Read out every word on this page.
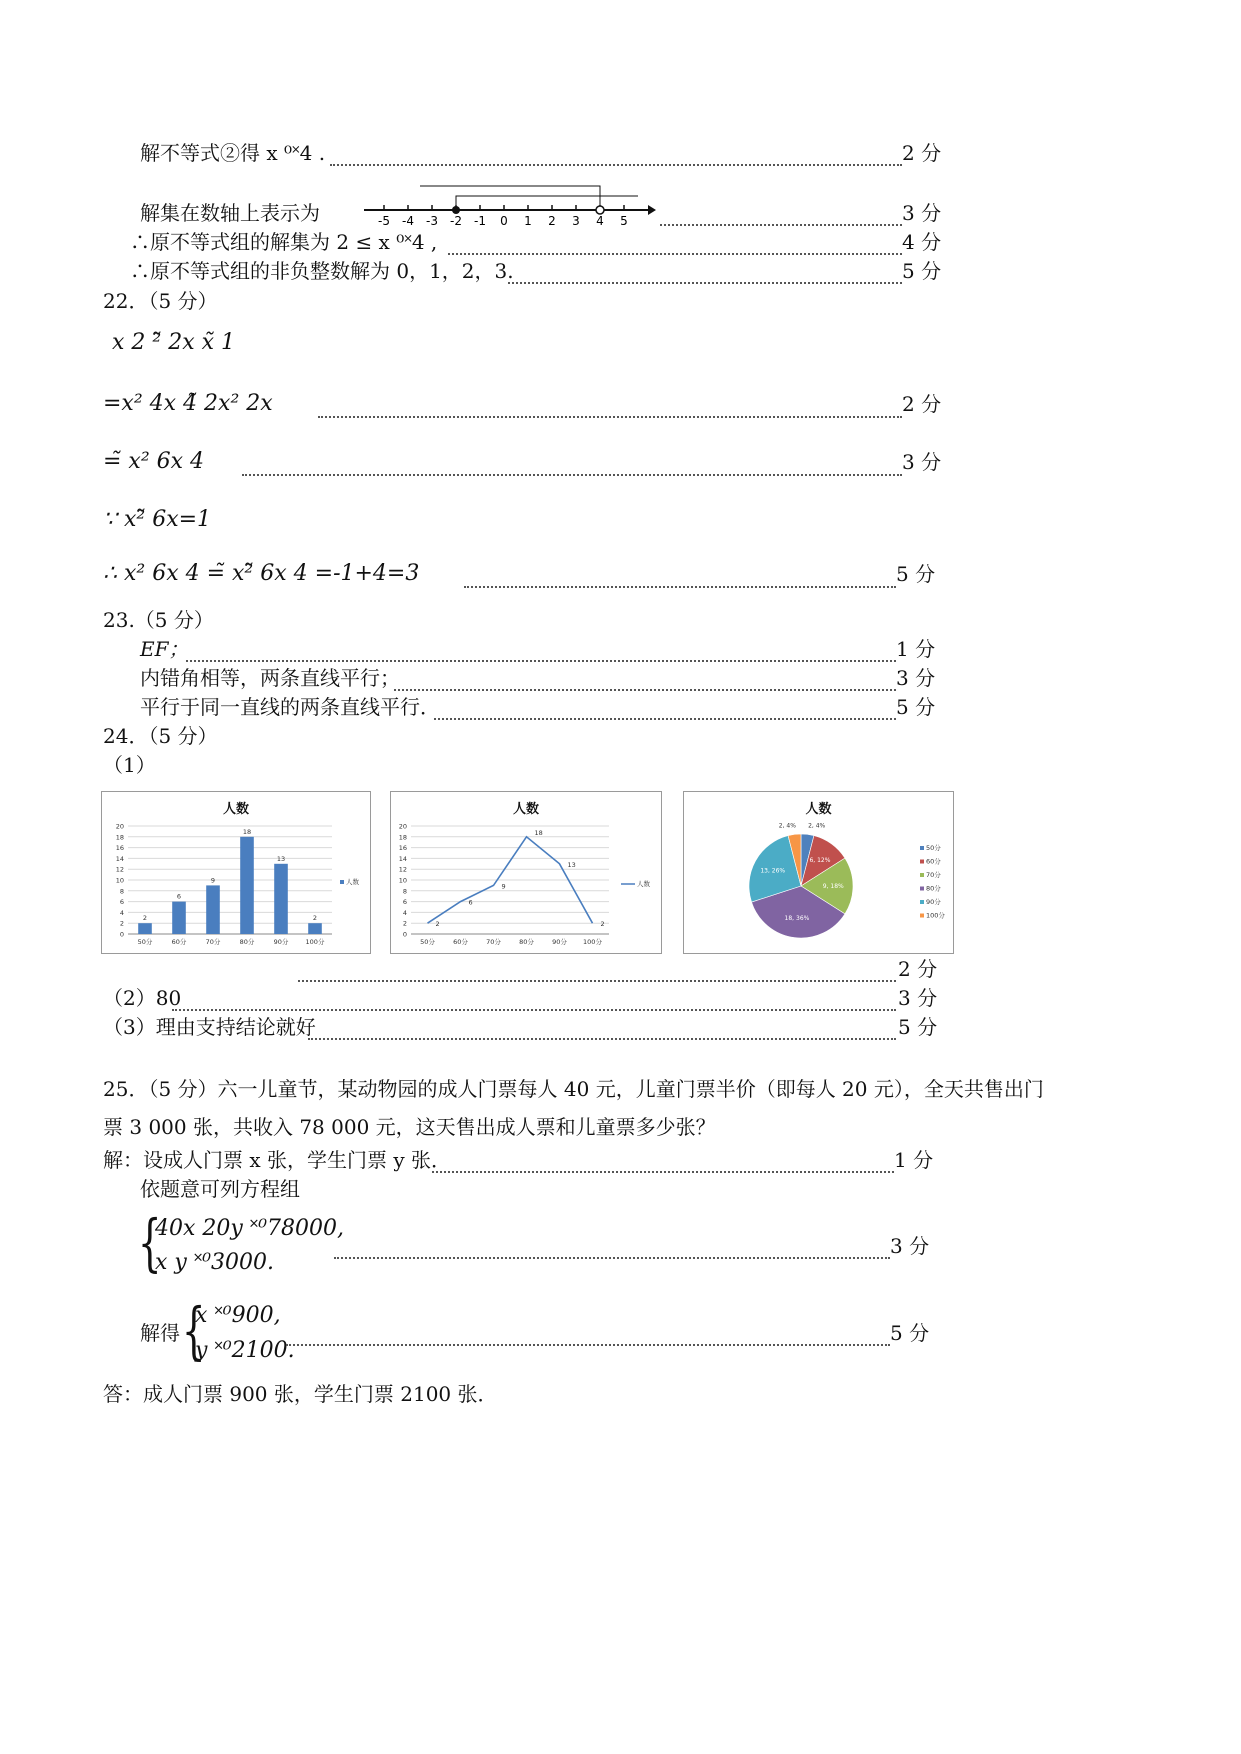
解不等式②得 x ⁰˟4 .	2 分
解集在数轴上表示为	-5 -4 -3 -2 -1 0 1 2 3 4 5	3 分
∴原不等式组的解集为 2 ≤ x ⁰˟4 ,	4 分
∴原不等式组的非负整数解为 0，1，2，3.	5 分
22．（5 分）
x 2 ²̃ 2x x̃ 1
=x² 4x 4̃ 2x² 2x	2 分
=̃ x² 6x 4	3 分
∵ x²̃ 6x=1
∴ x² 6x 4 =̃ x²̃ 6x 4 =-1+4=3	5 分
23.（5 分）
EF；	1 分
内错角相等，两条直线平行；	3 分
平行于同一直线的两条直线平行．	5 分
24．（5 分）
（1）
人数
0
2
4
6
8
10
12
14
16
18
20
50分	60分	70分	80分	90分	100分
2
6
9
18
13
2
人数
人数
0
2
4
6
8
10
12
14
16
18
20
50分	60分	70分	80分	90分 100分
2
6
9
18
13
2
人数
人数
2, 4%
6, 12%
9, 18%
18, 36%
13, 26%
2, 4%
50分
60分
70分
80分
90分
100分
2 分
（2）80	3 分
（3）理由支持结论就好	5 分
25．（5 分）六一儿童节，某动物园的成人门票每人 40 元，儿童门票半价（即每人 20 元），全天共售出门
票 3 000 张，共收入 78 000 元，这天售出成人票和儿童票多少张？
解：设成人门票 x 张，学生门票 y 张．	1 分
依题意可列方程组
{
40x 20y ˟⁰78000,
x y ˟⁰3000.
3 分
解得 {
x ˟⁰900,
y ˟⁰2100.
5 分
答：成人门票 900 张，学生门票 2100 张．
